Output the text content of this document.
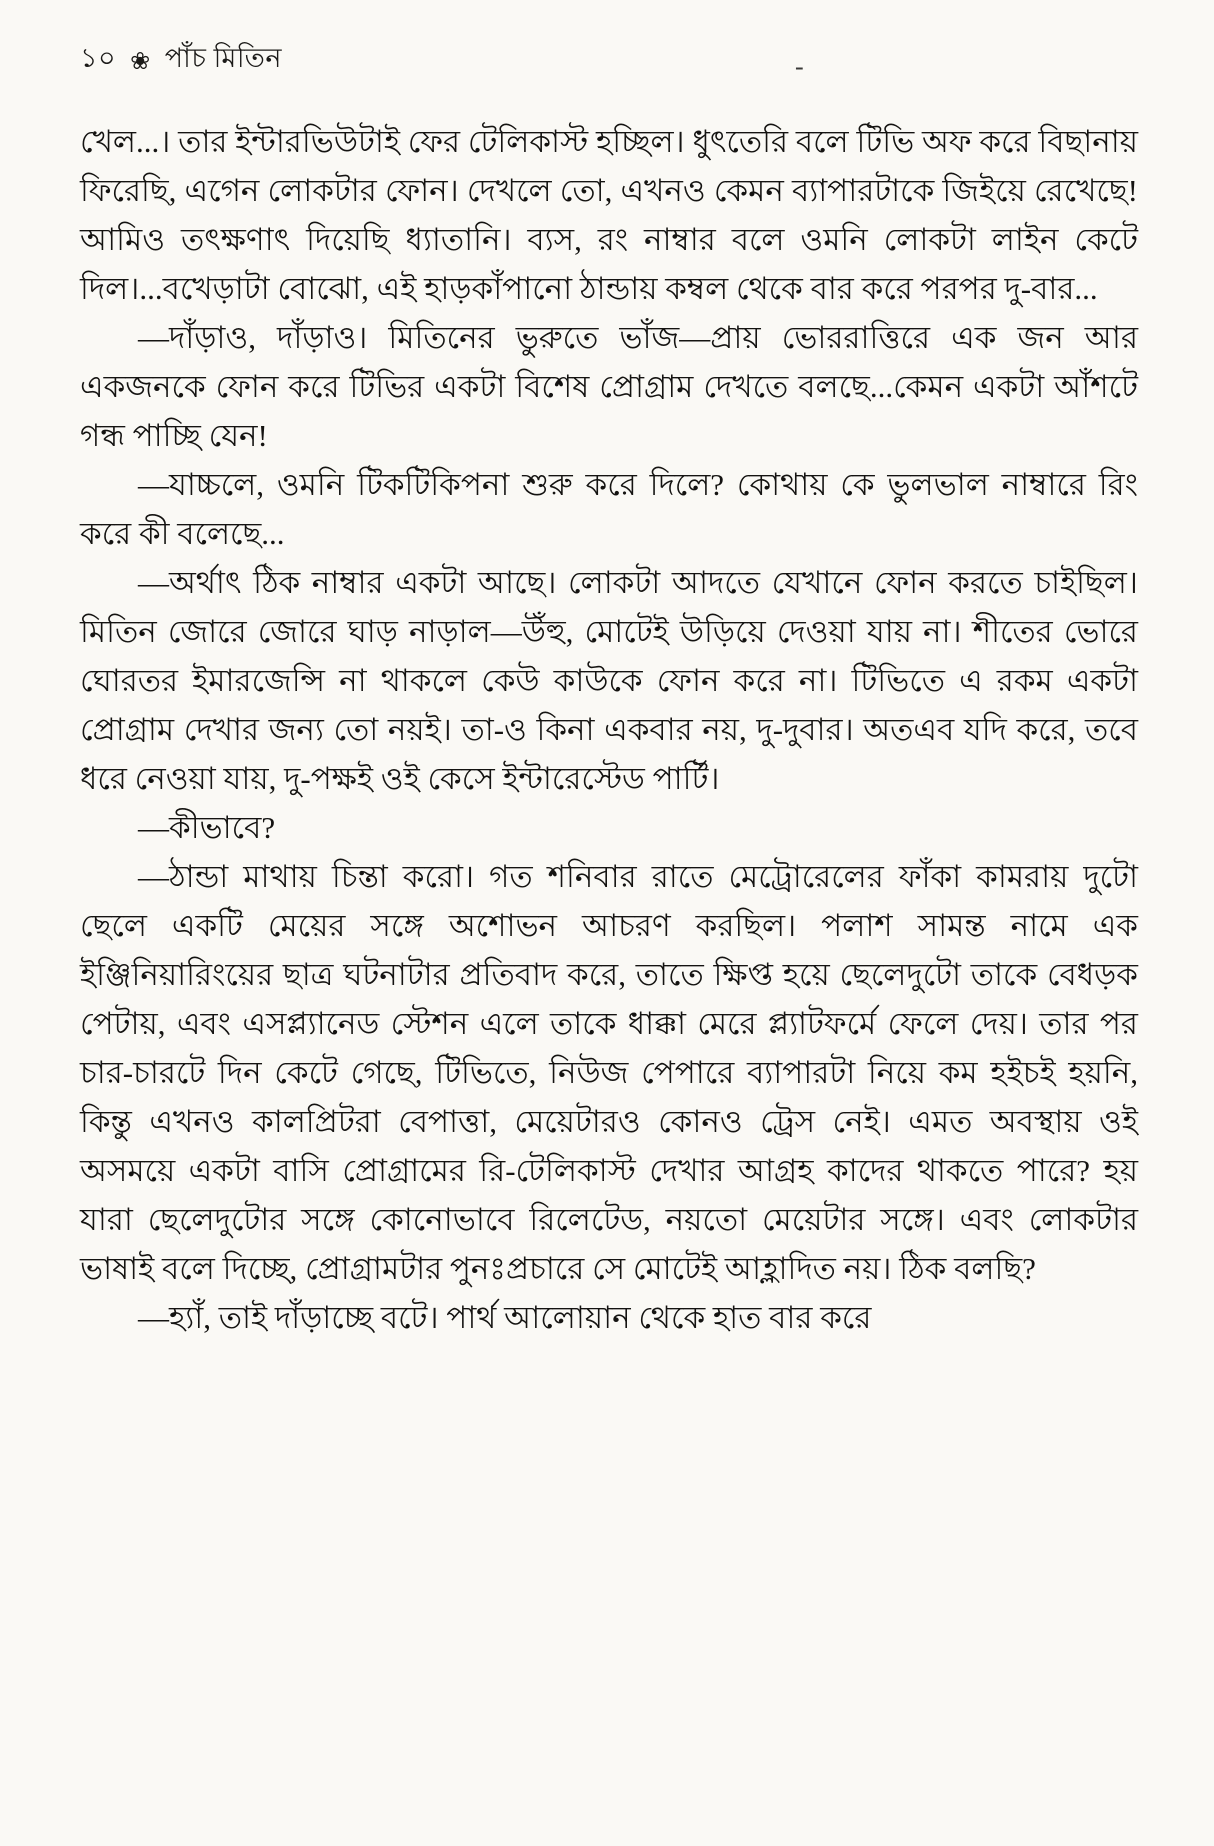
১০ ❀ পাঁচ মিতিন	-

খেল...। তার ইন্টারভিউটাই ফের টেলিকাস্ট হচ্ছিল। ধুৎতেরি বলে টিভি অফ করে বিছানায় ফিরেছি, এগেন লোকটার ফোন। দেখলে তো, এখনও কেমন ব্যাপারটাকে জিইয়ে রেখেছে! আমিও তৎক্ষণাৎ দিয়েছি ধ্যাতানি। ব্যস, রং নাম্বার বলে ওমনি লোকটা লাইন কেটে দিল।...বখেড়াটা বোঝো, এই হাড়কাঁপানো ঠান্ডায় কম্বল থেকে বার করে পরপর দু-বার...

—দাঁড়াও, দাঁড়াও। মিতিনের ভুরুতে ভাঁজ—প্রায় ভোররাত্তিরে এক জন আর একজনকে ফোন করে টিভির একটা বিশেষ প্রোগ্রাম দেখতে বলছে...কেমন একটা আঁশটে গন্ধ পাচ্ছি যেন!

—যাচ্চলে, ওমনি টিকটিকিপনা শুরু করে দিলে? কোথায় কে ভুলভাল নাম্বারে রিং করে কী বলেছে...

—অর্থাৎ ঠিক নাম্বার একটা আছে। লোকটা আদতে যেখানে ফোন করতে চাইছিল। মিতিন জোরে জোরে ঘাড় নাড়াল—উঁহু, মোটেই উড়িয়ে দেওয়া যায় না। শীতের ভোরে ঘোরতর ইমারজেন্সি না থাকলে কেউ কাউকে ফোন করে না। টিভিতে এ রকম একটা প্রোগ্রাম দেখার জন্য তো নয়ই। তা-ও কিনা একবার নয়, দু-দুবার। অতএব যদি করে, তবে ধরে নেওয়া যায়, দু-পক্ষই ওই কেসে ইন্টারেস্টেড পার্টি।

—কীভাবে?

—ঠান্ডা মাথায় চিন্তা করো। গত শনিবার রাতে মেট্রোরেলের ফাঁকা কামরায় দুটো ছেলে একটি মেয়ের সঙ্গে অশোভন আচরণ করছিল। পলাশ সামন্ত নামে এক ইঞ্জিনিয়ারিংয়ের ছাত্র ঘটনাটার প্রতিবাদ করে, তাতে ক্ষিপ্ত হয়ে ছেলেদুটো তাকে বেধড়ক পেটায়, এবং এসপ্ল্যানেড স্টেশন এলে তাকে ধাক্কা মেরে প্ল্যাটফর্মে ফেলে দেয়। তার পর চার-চারটে দিন কেটে গেছে, টিভিতে, নিউজ পেপারে ব্যাপারটা নিয়ে কম হইচই হয়নি, কিন্তু এখনও কালপ্রিটরা বেপাত্তা, মেয়েটারও কোনও ট্রেস নেই। এমত অবস্থায় ওই অসময়ে একটা বাসি প্রোগ্রামের রি-টেলিকাস্ট দেখার আগ্রহ কাদের থাকতে পারে? হয় যারা ছেলেদুটোর সঙ্গে কোনোভাবে রিলেটেড, নয়তো মেয়েটার সঙ্গে। এবং লোকটার ভাষাই বলে দিচ্ছে, প্রোগ্রামটার পুনঃপ্রচারে সে মোটেই আহ্লাদিত নয়। ঠিক বলছি?

—হ্যাঁ, তাই দাঁড়াচ্ছে বটে। পার্থ আলোয়ান থেকে হাত বার করে
